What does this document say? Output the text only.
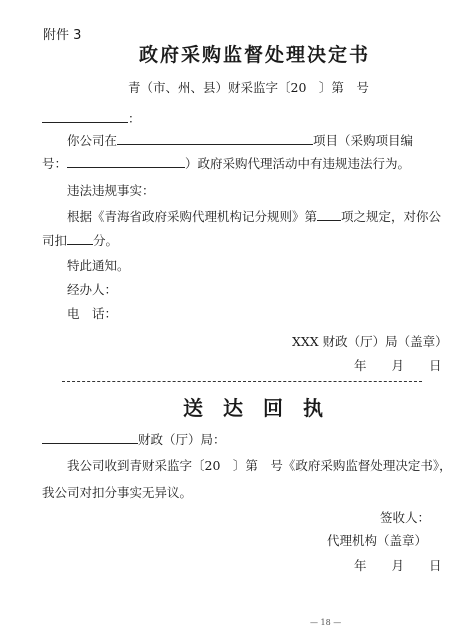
附件 3
政府采购监督处理决定书
青（市、州、县）财采监字〔20　〕第　号
：
你公司在	项目（采购项目编
号：	）政府采购代理活动中有违规违法行为。
违法违规事实：
根据《青海省政府采购代理机构记分规则》第 项之规定，对你公
司扣 分。
特此通知。
经办人：
电　话：
XXX 财政（厅）局（盖章）
年　　月　　日
送达回执
财政（厅）局：
我公司收到青财采监字〔20　〕第　号《政府采购监督处理决定书》，
我公司对扣分事实无异议。
签收人：
代理机构（盖章）
年　　月　　日
— 18 —
